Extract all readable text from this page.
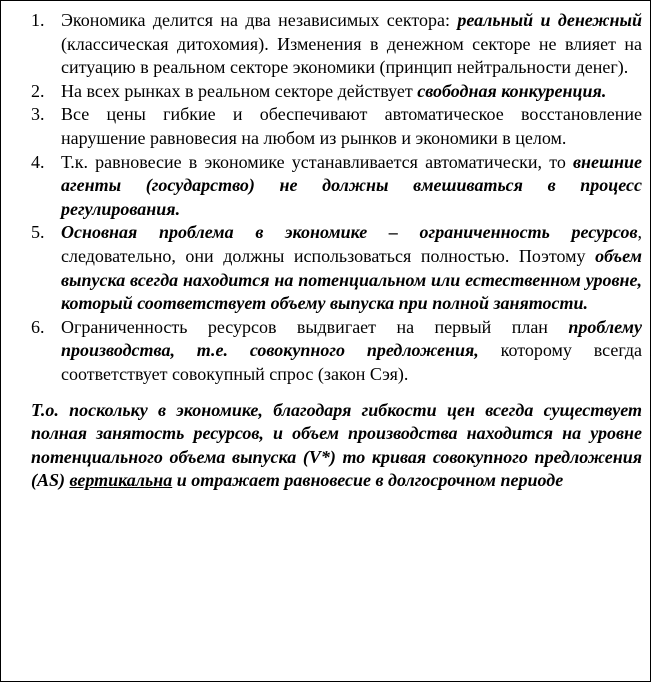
1. Экономика делится на два независимых сектора: реальный и денежный (классическая дитохомия). Изменения в денежном секторе не влияет на ситуацию в реальном секторе экономики (принцип нейтральности денег).
2. На всех рынках в реальном секторе действует свободная конкуренция.
3. Все цены гибкие и обеспечивают автоматическое восстановление нарушение равновесия на любом из рынков и экономики в целом.
4. Т.к. равновесие в экономике устанавливается автоматически, то внешние агенты (государство) не должны вмешиваться в процесс регулирования.
5. Основная проблема в экономике – ограниченность ресурсов, следовательно, они должны использоваться полностью. Поэтому объем выпуска всегда находится на потенциальном или естественном уровне, который соответствует объему выпуска при полной занятости.
6. Ограниченность ресурсов выдвигает на первый план проблему производства, т.е. совокупного предложения, которому всегда соответствует совокупный спрос (закон Сэя).

Т.о. поскольку в экономике, благодаря гибкости цен всегда существует полная занятость ресурсов, и объем производства находится на уровне потенциального объема выпуска (V*) то кривая совокупного предложения (AS) вертикальна и отражает равновесие в долгосрочном периоде
